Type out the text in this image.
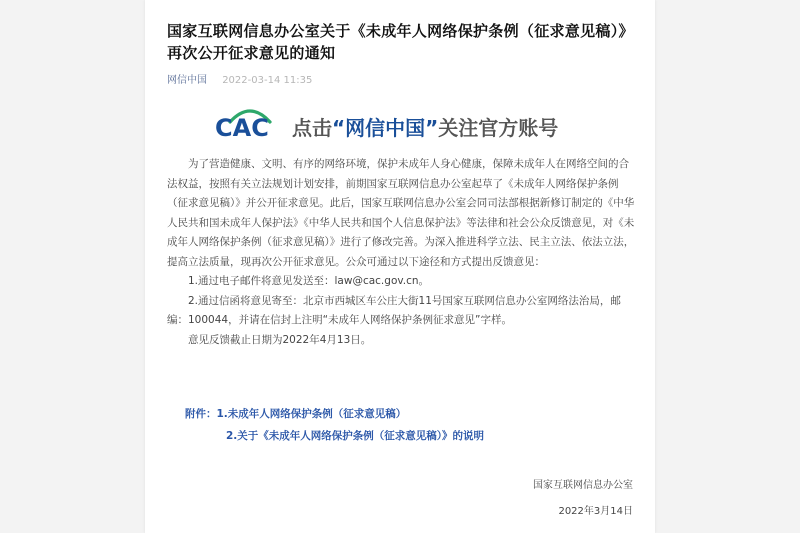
国家互联网信息办公室关于《未成年人网络保护条例（征求意见稿）》再次公开征求意见的通知
网信中国 2022-03-14 11:35
CAC 点击“网信中国”关注官方账号

为了营造健康、文明、有序的网络环境，保护未成年人身心健康，保障未成年人在网络空间的合法权益，按照有关立法规划计划安排，前期国家互联网信息办公室起草了《未成年人网络保护条例（征求意见稿）》并公开征求意见。此后，国家互联网信息办公室会同司法部根据新修订制定的《中华人民共和国未成年人保护法》《中华人民共和国个人信息保护法》等法律和社会公众反馈意见，对《未成年人网络保护条例（征求意见稿）》进行了修改完善。为深入推进科学立法、民主立法、依法立法，提高立法质量，现再次公开征求意见。公众可通过以下途径和方式提出反馈意见：

1.通过电子邮件将意见发送至：law@cac.gov.cn。

2.通过信函将意见寄至：北京市西城区车公庄大街11号国家互联网信息办公室网络法治局，邮编：100044，并请在信封上注明“未成年人网络保护条例征求意见”字样。

意见反馈截止日期为2022年4月13日。

附件：1.未成年人网络保护条例（征求意见稿）
2.关于《未成年人网络保护条例（征求意见稿）》的说明
国家互联网信息办公室
2022年3月14日
